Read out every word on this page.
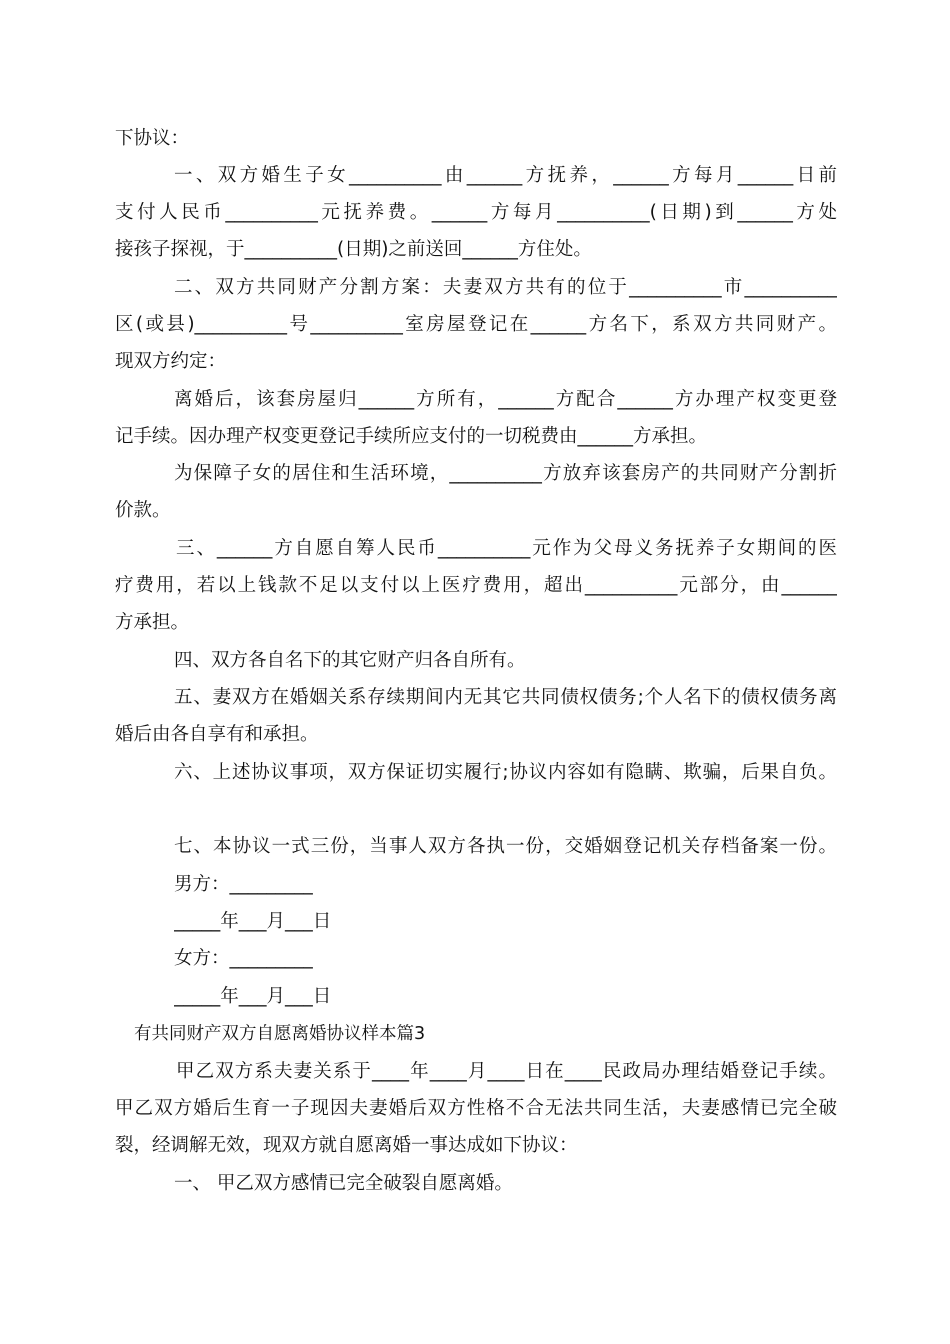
下协议：

一、双方婚生子女__________由______方抚养，______方每月______日前

支付人民币__________元抚养费。______方每月__________(日期)到______方处

接孩子探视，于__________(日期)之前送回______方住处。

二、双方共同财产分割方案：夫妻双方共有的位于__________市__________

区(或县)__________号__________室房屋登记在______方名下，系双方共同财产。

现双方约定：

离婚后，该套房屋归______方所有，______方配合______方办理产权变更登

记手续。因办理产权变更登记手续所应支付的一切税费由______方承担。

为保障子女的居住和生活环境，__________方放弃该套房产的共同财产分割折

价款。

三、______方自愿自筹人民币__________元作为父母义务抚养子女期间的医

疗费用，若以上钱款不足以支付以上医疗费用，超出__________元部分，由______

方承担。

四、双方各自名下的其它财产归各自所有。

五、妻双方在婚姻关系存续期间内无其它共同债权债务;个人名下的债权债务离

婚后由各自享有和承担。

六、上述协议事项，双方保证切实履行;协议内容如有隐瞒、欺骗，后果自负。

七、本协议一式三份，当事人双方各执一份，交婚姻登记机关存档备案一份。

男方：_________

_____年___月___日

女方：_________

_____年___月___日

有共同财产双方自愿离婚协议样本篇3

甲乙双方系夫妻关系于____年____月____日在____民政局办理结婚登记手续。

甲乙双方婚后生育一子现因夫妻婚后双方性格不合无法共同生活，夫妻感情已完全破

裂，经调解无效，现双方就自愿离婚一事达成如下协议：

一、 甲乙双方感情已完全破裂自愿离婚。
